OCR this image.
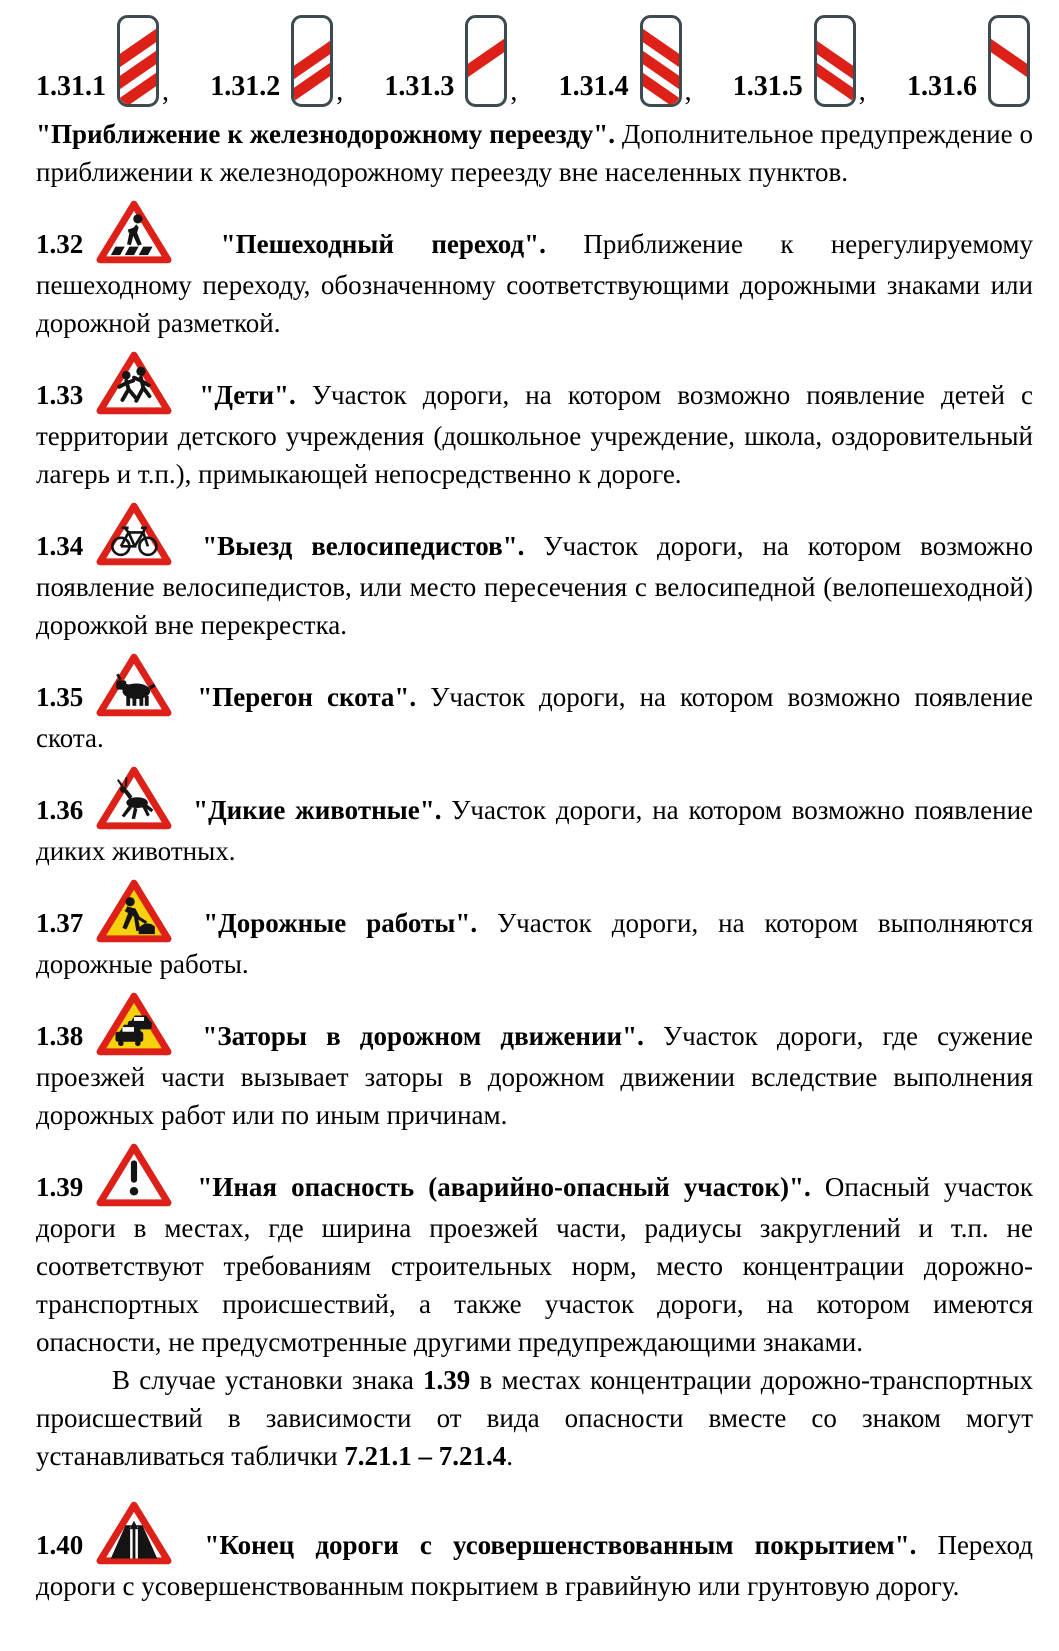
1.31.1 , 1.31.2 , 1.31.3 , 1.31.4 , 1.31.5 , 1.31.6

"Приближение к железнодорожному переезду". Дополнительное предупреждение о приближении к железнодорожному переезду вне населенных пунктов.

1.32	"Пешеходный переход". Приближение к нерегулируемому пешеходному переходу, обозначенному соответствующими дорожными знаками или дорожной разметкой.

1.33	"Дети". Участок дороги, на котором возможно появление детей с территории детского учреждения (дошкольное учреждение, школа, оздоровительный лагерь и т.п.), примыкающей непосредственно к дороге.

1.34	"Выезд велосипедистов". Участок дороги, на котором возможно появление велосипедистов, или место пересечения с велосипедной (велопешеходной) дорожкой вне перекрестка.

1.35	"Перегон скота". Участок дороги, на котором возможно появление скота.

1.36	"Дикие животные". Участок дороги, на котором возможно появление диких животных.

1.37	"Дорожные работы". Участок дороги, на котором выполняются дорожные работы.

1.38	"Заторы в дорожном движении". Участок дороги, где сужение проезжей части вызывает заторы в дорожном движении вследствие выполнения дорожных работ или по иным причинам.

1.39	"Иная опасность (аварийно-опасный участок)". Опасный участок дороги в местах, где ширина проезжей части, радиусы закруглений и т.п. не соответствуют требованиям строительных норм, место концентрации дорожно-транспортных происшествий, а также участок дороги, на котором имеются опасности, не предусмотренные другими предупреждающими знаками.

В случае установки знака 1.39 в местах концентрации дорожно-транспортных происшествий в зависимости от вида опасности вместе со знаком могут устанавливаться таблички 7.21.1 – 7.21.4.

1.40	"Конец дороги с усовершенствованным покрытием". Переход дороги с усовершенствованным покрытием в гравийную или грунтовую дорогу.
